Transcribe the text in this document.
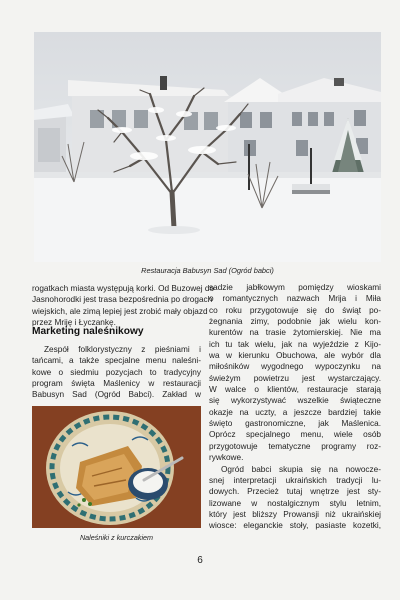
Restauracja Babusyn Sad (Ogród babci)
rogatkach miasta występują korki. Od Buzowej do
Jasnohorodki jest trasa bezpośrednia po drogach
wiejskich, ale zimą lepiej jest zrobić mały objazd
przez Mriję i Łyczankę.
Marketing naleśnikowy
Zespół folklorystyczny z pieśniami i
tańcami, a także specjalne menu naleśni-
kowe o siedmiu pozycjach to tradycyjny
program święta Maślenicy w restauracji
Babusyn Sad (Ogród Babci). Zakład w
Naleśniki z kurczakiem
sadzie jabłkowym pomiędzy wioskami
o romantycznych nazwach Mrija i Miła
co roku przygotowuje się do świąt po-
żegnania zimy, podobnie jak wielu kon-
kurentów na trasie żytomierskiej. Nie ma
ich tu tak wielu, jak na wyjeździe z Kijo-
wa w kierunku Obuchowa, ale wybór dla
miłośników wygodnego wypoczynku na
świeżym powietrzu jest wystarczający.
W walce o klientów, restauracje starają
się wykorzystywać wszelkie świąteczne
okazje na uczty, a jeszcze bardziej takie
święto gastronomiczne, jak Maślenica.
Oprócz specjalnego menu, wiele osób
przygotowuje tematyczne programy roz-
rywkowe.
Ogród babci skupia się na nowocze-
snej interpretacji ukraińskich tradycji lu-
dowych. Przecież tutaj wnętrze jest sty-
lizowane w nostalgicznym stylu letnim,
który jest bliższy Prowansji niż ukraińskiej
wiosce: eleganckie stoły, pasiaste kozetki,
6
